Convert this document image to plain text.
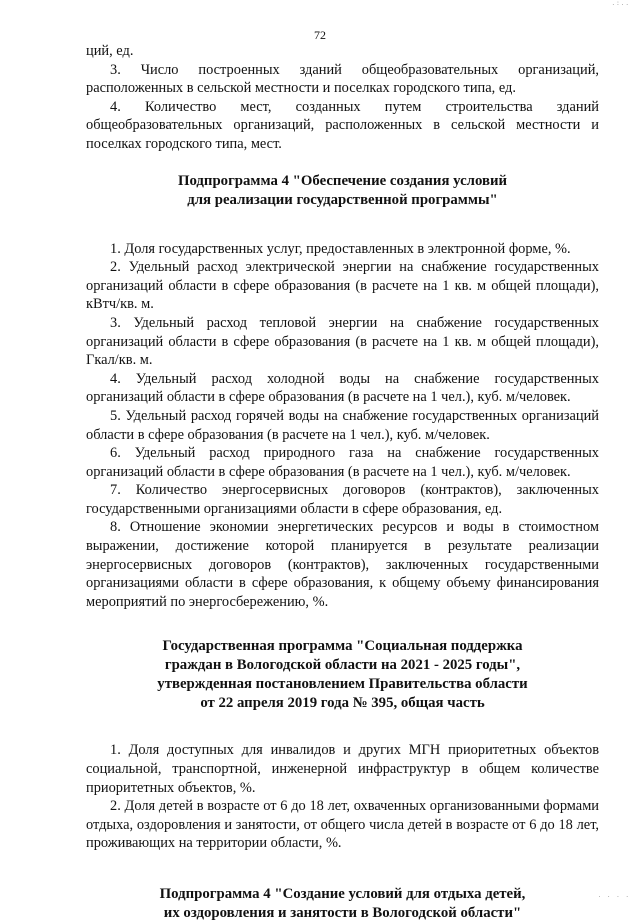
.:..
72

ций, ед.

3. Число построенных зданий общеобразовательных организаций, расположенных в сельской местности и поселках городского типа, ед.

4. Количество мест, созданных путем строительства зданий общеобразовательных организаций, расположенных в сельской местности и поселках городского типа, мест.

Подпрограмма 4 "Обеспечение создания условий
для реализации государственной программы"

1. Доля государственных услуг, предоставленных в электронной форме, %.

2. Удельный расход электрической энергии на снабжение государственных организаций области в сфере образования (в расчете на 1 кв. м общей площади), кВтч/кв. м.

3. Удельный расход тепловой энергии на снабжение государственных организаций области в сфере образования (в расчете на 1 кв. м общей площади), Гкал/кв. м.

4. Удельный расход холодной воды на снабжение государственных организаций области в сфере образования (в расчете на 1 чел.), куб. м/человек.

5. Удельный расход горячей воды на снабжение государственных организаций области в сфере образования (в расчете на 1 чел.), куб. м/человек.

6. Удельный расход природного газа на снабжение государственных организаций области в сфере образования (в расчете на 1 чел.), куб. м/человек.

7. Количество энергосервисных договоров (контрактов), заключенных государственными организациями области в сфере образования, ед.

8. Отношение экономии энергетических ресурсов и воды в стоимостном выражении, достижение которой планируется в результате реализации энергосервисных договоров (контрактов), заключенных государственными организациями области в сфере образования, к общему объему финансирования мероприятий по энергосбережению, %.

Государственная программа "Социальная поддержка
граждан в Вологодской области на 2021 - 2025 годы",
утвержденная постановлением Правительства области
от 22 апреля 2019 года № 395, общая часть

1. Доля доступных для инвалидов и других МГН приоритетных объектов социальной, транспортной, инженерной инфраструктур в общем количестве приоритетных объектов, %.

2. Доля детей в возрасте от 6 до 18 лет, охваченных организованными формами отдыха, оздоровления и занятости, от общего числа детей в возрасте от 6 до 18 лет, проживающих на территории области, %.

Подпрограмма 4 "Создание условий для отдыха детей,
их оздоровления и занятости в Вологодской области"
. . . .
